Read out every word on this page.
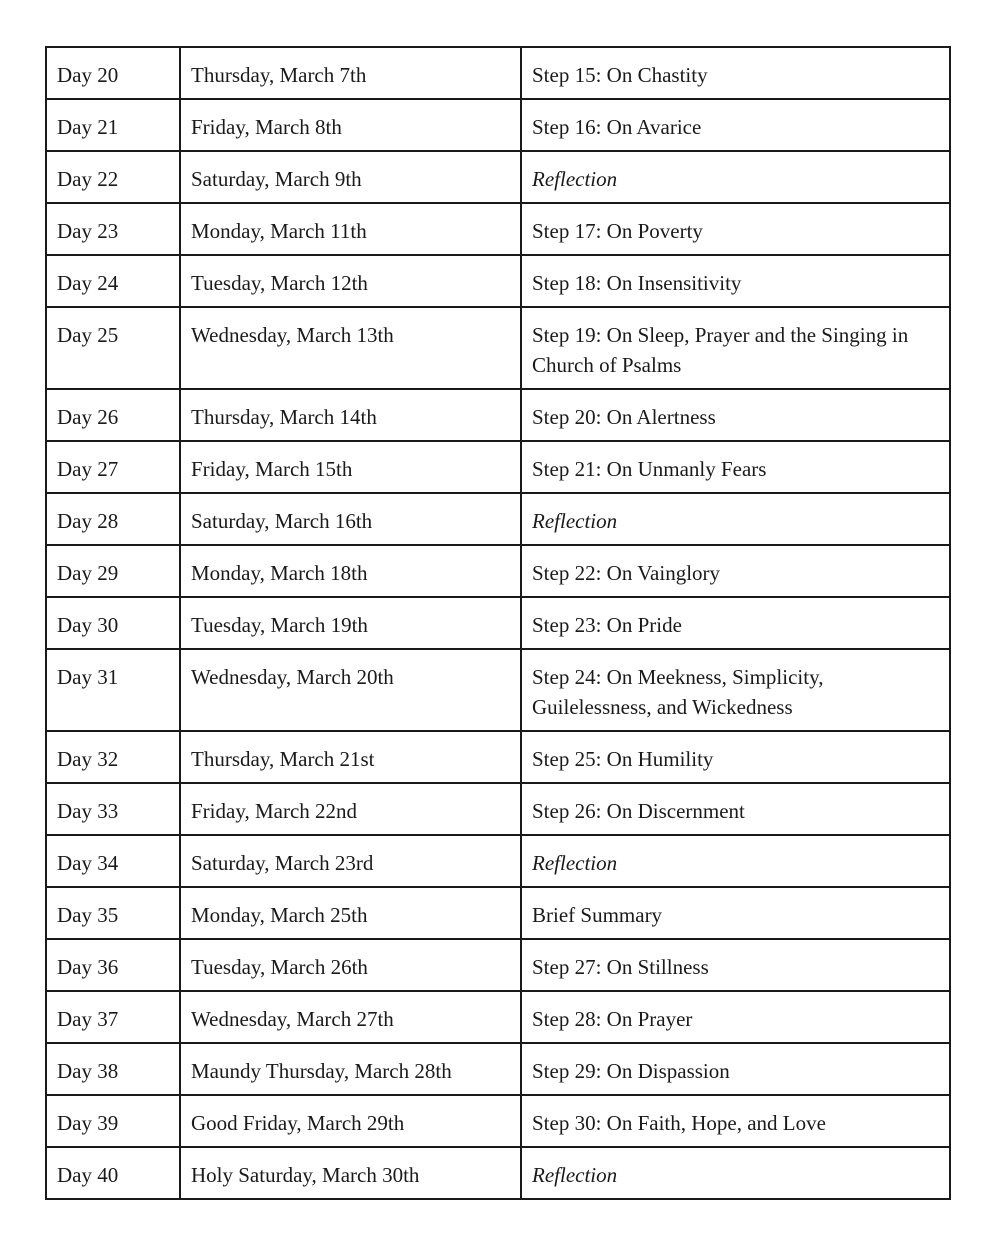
Day 20	Thursday, March 7th	Step 15: On Chastity
Day 21	Friday, March 8th	Step 16: On Avarice
Day 22	Saturday, March 9th	Reflection
Day 23	Monday, March 11th	Step 17: On Poverty
Day 24	Tuesday, March 12th	Step 18: On Insensitivity
Day 25	Wednesday, March 13th	Step 19: On Sleep, Prayer and the Singing in Church of Psalms
Day 26	Thursday, March 14th	Step 20: On Alertness
Day 27	Friday, March 15th	Step 21: On Unmanly Fears
Day 28	Saturday, March 16th	Reflection
Day 29	Monday, March 18th	Step 22: On Vainglory
Day 30	Tuesday, March 19th	Step 23: On Pride
Day 31	Wednesday, March 20th	Step 24: On Meekness, Simplicity, Guilelessness, and Wickedness
Day 32	Thursday, March 21st	Step 25: On Humility
Day 33	Friday, March 22nd	Step 26: On Discernment
Day 34	Saturday, March 23rd	Reflection
Day 35	Monday, March 25th	Brief Summary
Day 36	Tuesday, March 26th	Step 27: On Stillness
Day 37	Wednesday, March 27th	Step 28: On Prayer
Day 38	Maundy Thursday, March 28th	Step 29: On Dispassion
Day 39	Good Friday, March 29th	Step 30: On Faith, Hope, and Love
Day 40	Holy Saturday, March 30th	Reflection
